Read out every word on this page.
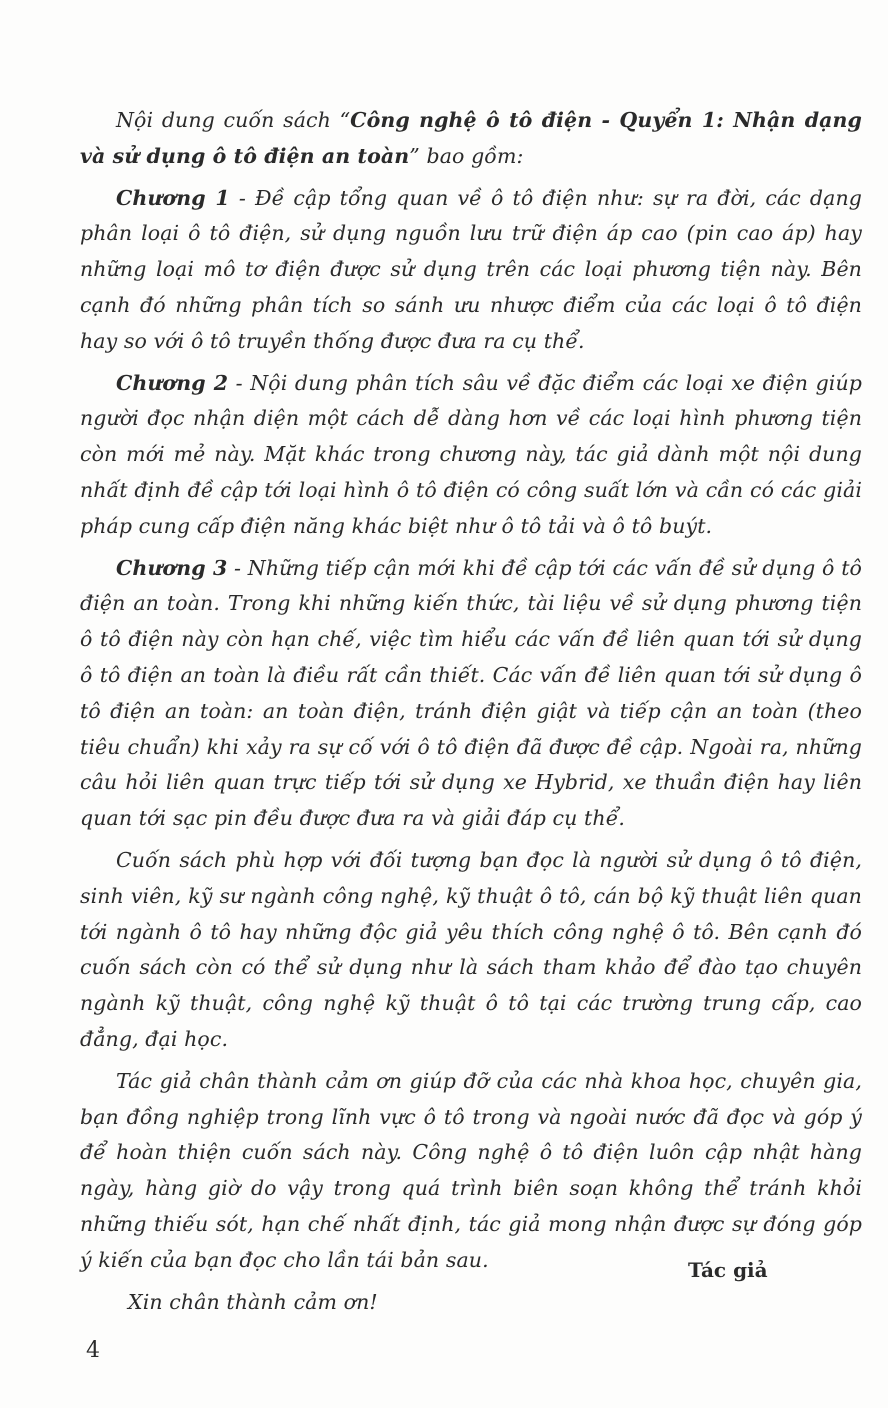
Nội dung cuốn sách “Công nghệ ô tô điện - Quyển 1: Nhận dạng và sử dụng ô tô điện an toàn” bao gồm:

Chương 1 - Đề cập tổng quan về ô tô điện như: sự ra đời, các dạng phân loại ô tô điện, sử dụng nguồn lưu trữ điện áp cao (pin cao áp) hay những loại mô tơ điện được sử dụng trên các loại phương tiện này. Bên cạnh đó những phân tích so sánh ưu nhược điểm của các loại ô tô điện hay so với ô tô truyền thống được đưa ra cụ thể.

Chương 2 - Nội dung phân tích sâu về đặc điểm các loại xe điện giúp người đọc nhận diện một cách dễ dàng hơn về các loại hình phương tiện còn mới mẻ này. Mặt khác trong chương này, tác giả dành một nội dung nhất định đề cập tới loại hình ô tô điện có công suất lớn và cần có các giải pháp cung cấp điện năng khác biệt như ô tô tải và ô tô buýt.

Chương 3 - Những tiếp cận mới khi đề cập tới các vấn đề sử dụng ô tô điện an toàn. Trong khi những kiến thức, tài liệu về sử dụng phương tiện ô tô điện này còn hạn chế, việc tìm hiểu các vấn đề liên quan tới sử dụng ô tô điện an toàn là điều rất cần thiết. Các vấn đề liên quan tới sử dụng ô tô điện an toàn: an toàn điện, tránh điện giật và tiếp cận an toàn (theo tiêu chuẩn) khi xảy ra sự cố với ô tô điện đã được đề cập. Ngoài ra, những câu hỏi liên quan trực tiếp tới sử dụng xe Hybrid, xe thuần điện hay liên quan tới sạc pin đều được đưa ra và giải đáp cụ thể.

Cuốn sách phù hợp với đối tượng bạn đọc là người sử dụng ô tô điện, sinh viên, kỹ sư ngành công nghệ, kỹ thuật ô tô, cán bộ kỹ thuật liên quan tới ngành ô tô hay những độc giả yêu thích công nghệ ô tô. Bên cạnh đó cuốn sách còn có thể sử dụng như là sách tham khảo để đào tạo chuyên ngành kỹ thuật, công nghệ kỹ thuật ô tô tại các trường trung cấp, cao đẳng, đại học.

Tác giả chân thành cảm ơn giúp đỡ của các nhà khoa học, chuyên gia, bạn đồng nghiệp trong lĩnh vực ô tô trong và ngoài nước đã đọc và góp ý để hoàn thiện cuốn sách này. Công nghệ ô tô điện luôn cập nhật hàng ngày, hàng giờ do vậy trong quá trình biên soạn không thể tránh khỏi những thiếu sót, hạn chế nhất định, tác giả mong nhận được sự đóng góp ý kiến của bạn đọc cho lần tái bản sau.

Xin chân thành cảm ơn!

Tác giả
4
